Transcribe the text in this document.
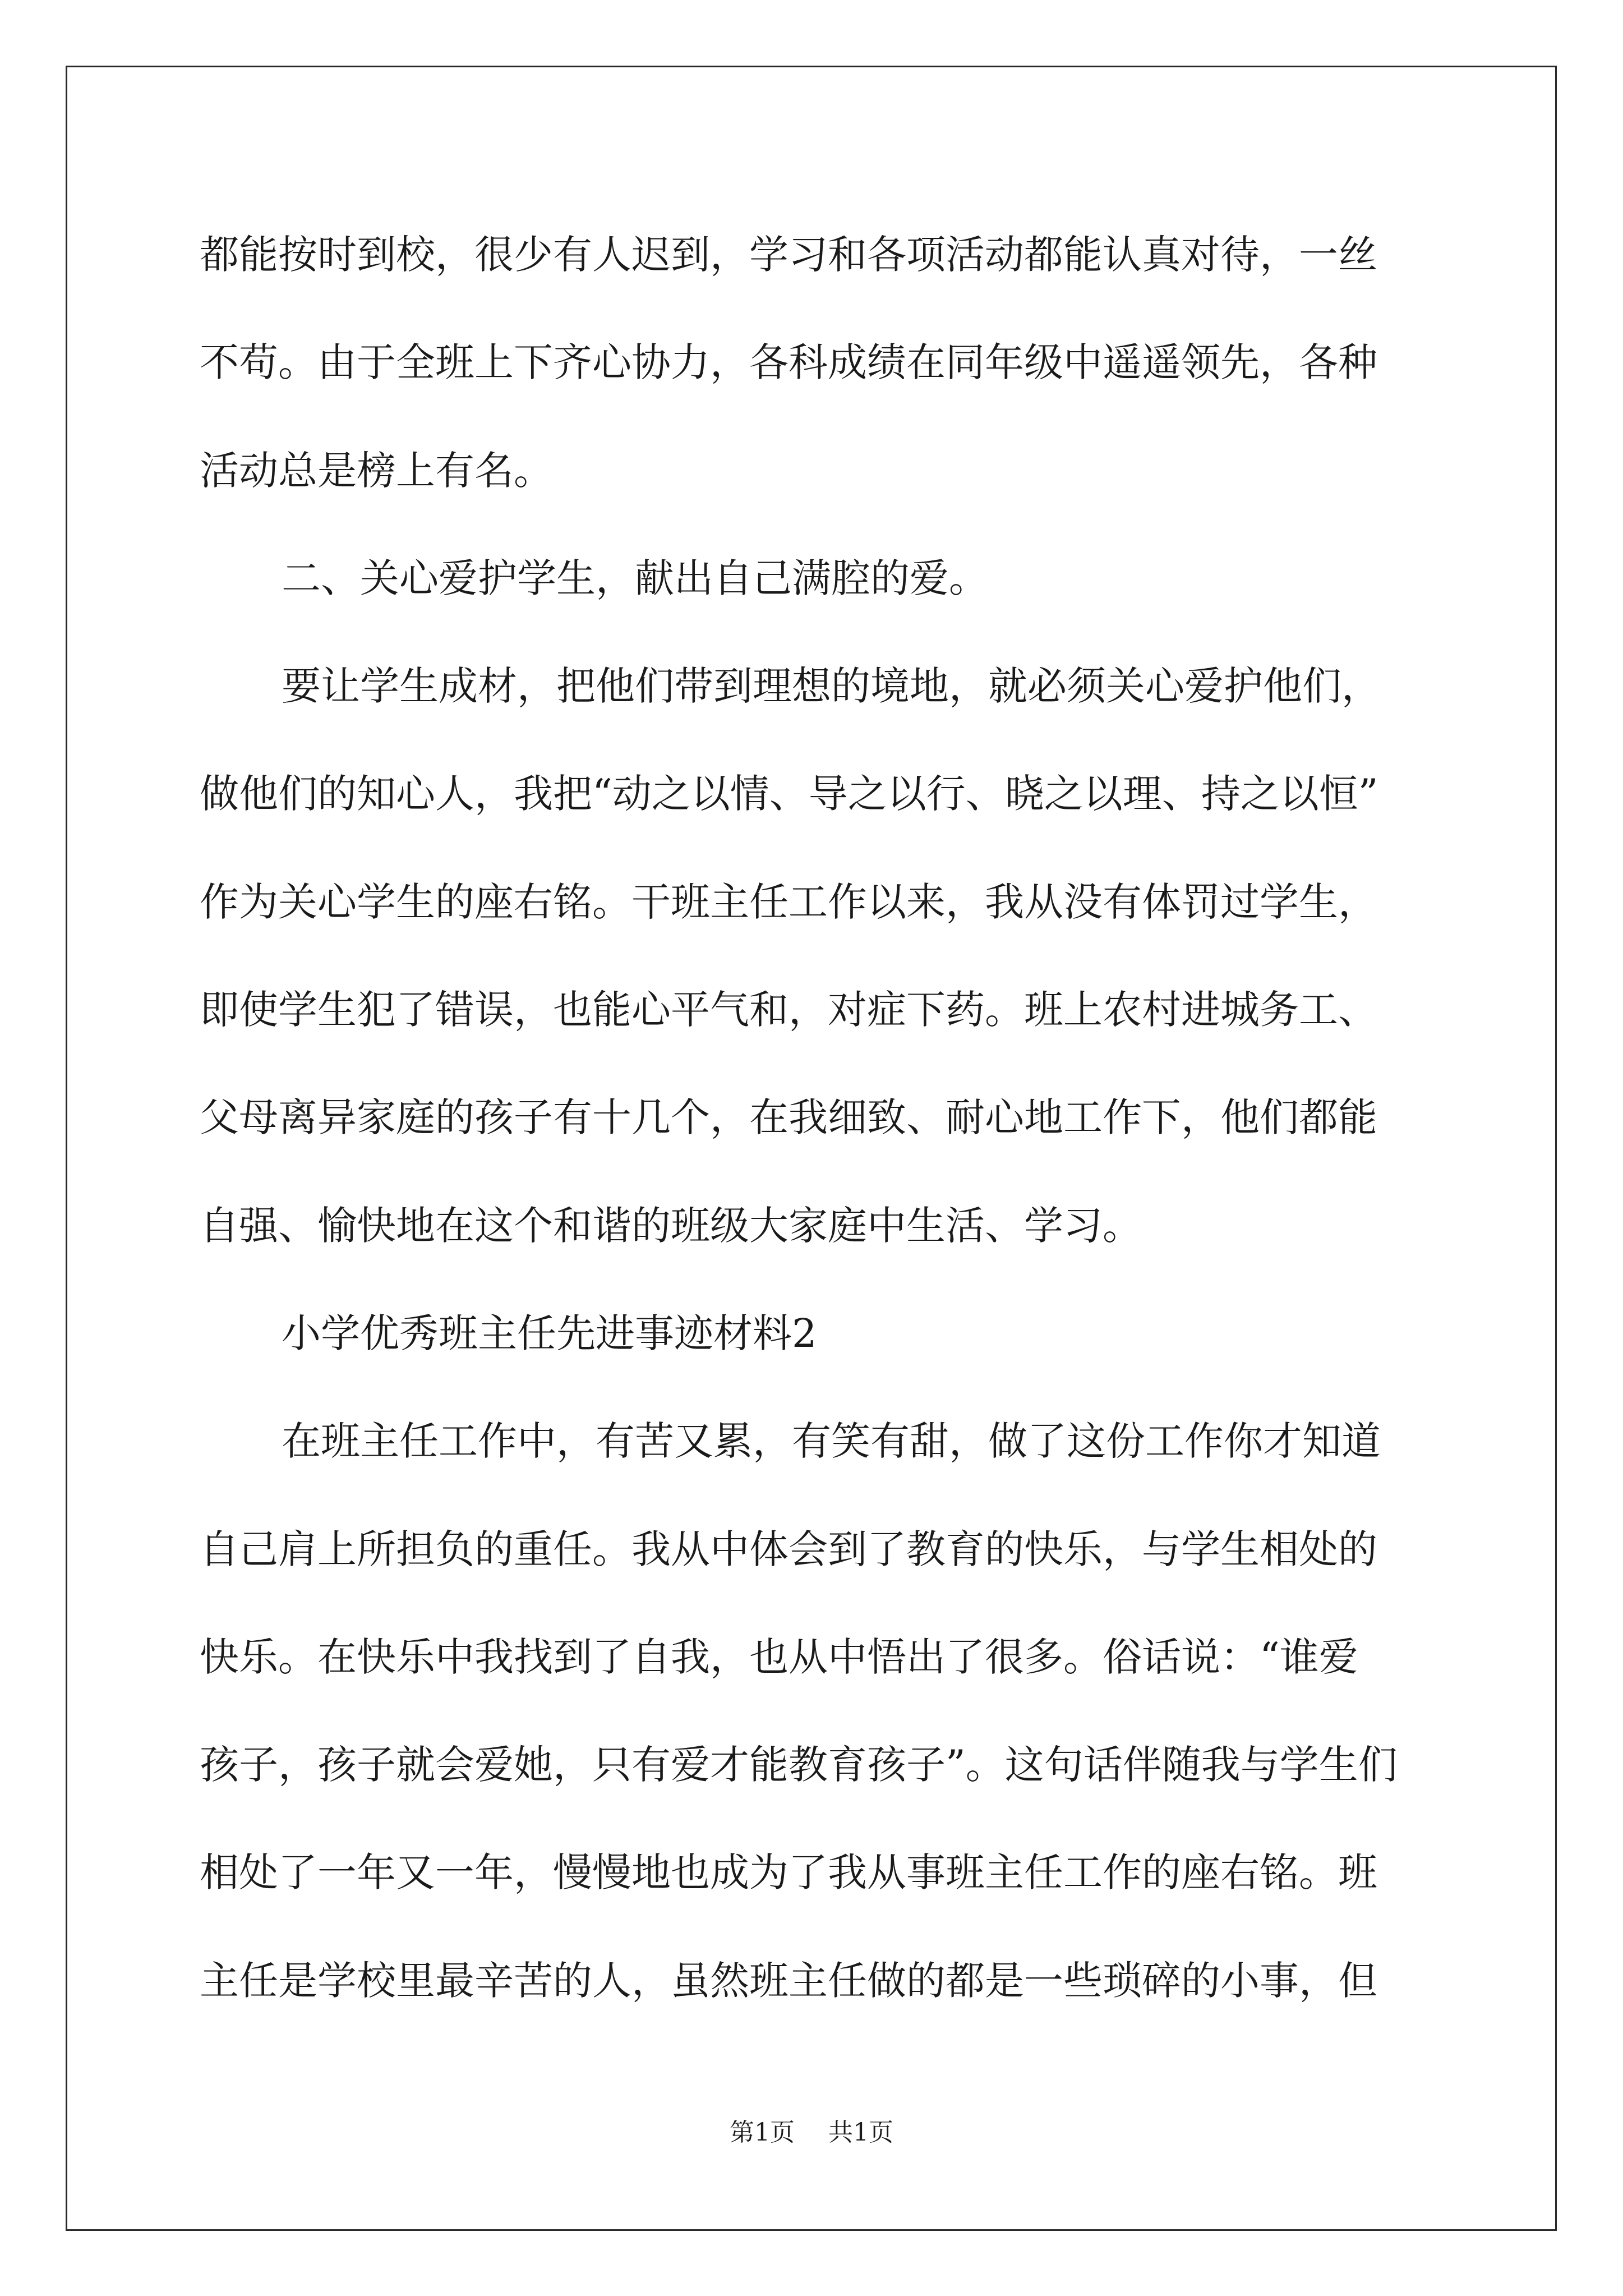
都能按时到校，很少有人迟到，学习和各项活动都能认真对待，一丝
不苟。由于全班上下齐心协力，各科成绩在同年级中遥遥领先，各种
活动总是榜上有名。
二、关心爱护学生，献出自己满腔的爱。
要让学生成材，把他们带到理想的境地，就必须关心爱护他们，
做他们的知心人，我把“动之以情、导之以行、晓之以理、持之以恒”
作为关心学生的座右铭。干班主任工作以来，我从没有体罚过学生，
即使学生犯了错误，也能心平气和，对症下药。班上农村进城务工、
父母离异家庭的孩子有十几个，在我细致、耐心地工作下，他们都能
自强、愉快地在这个和谐的班级大家庭中生活、学习。
小学优秀班主任先进事迹材料2
在班主任工作中，有苦又累，有笑有甜，做了这份工作你才知道
自己肩上所担负的重任。我从中体会到了教育的快乐，与学生相处的
快乐。在快乐中我找到了自我，也从中悟出了很多。俗话说：“谁爱
孩子，孩子就会爱她，只有爱才能教育孩子”。这句话伴随我与学生们
相处了一年又一年，慢慢地也成为了我从事班主任工作的座右铭。班
主任是学校里最辛苦的人，虽然班主任做的都是一些琐碎的小事，但
第1页 共1页
